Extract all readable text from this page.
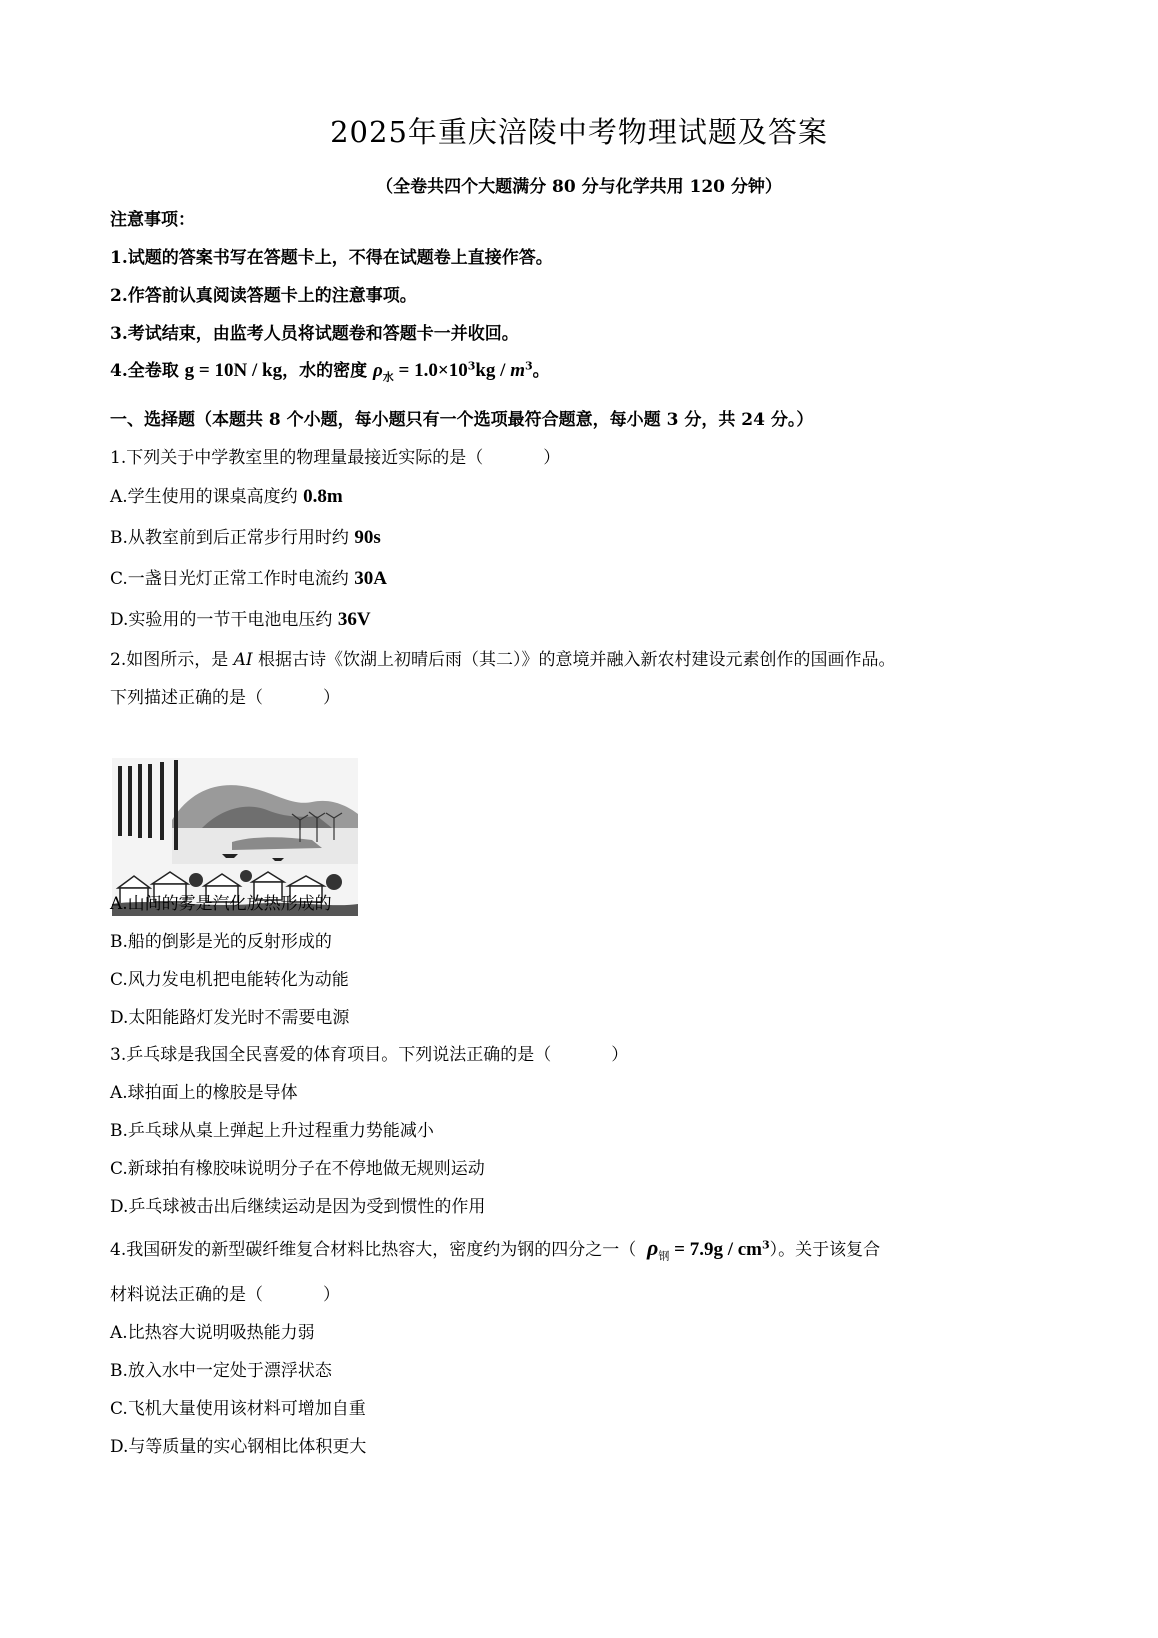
2025年重庆涪陵中考物理试题及答案
（全卷共四个大题满分 80 分与化学共用 120 分钟）
注意事项：
1.试题的答案书写在答题卡上，不得在试题卷上直接作答。
2.作答前认真阅读答题卡上的注意事项。
3.考试结束，由监考人员将试题卷和答题卡一并收回。
4.全卷取 g = 10N / kg，水的密度 $\rho_水 = 1.0\times 10^3kg / m^3$。
一、选择题（本题共 8 个小题，每小题只有一个选项最符合题意，每小题 3 分，共 24 分。）
1.下列关于中学教室里的物理量最接近实际的是（	）
A.学生使用的课桌高度约 0.8m
B.从教室前到后正常步行用时约 90s
C.一盏日光灯正常工作时电流约 30A
D.实验用的一节干电池电压约 36V
2.如图所示，是 AI 根据古诗《饮湖上初晴后雨（其二）》的意境并融入新农村建设元素创作的国画作品。
下列描述正确的是（	）
A.山间的雾是汽化放热形成的
B.船的倒影是光的反射形成的
C.风力发电机把电能转化为动能
D.太阳能路灯发光时不需要电源
3.乒乓球是我国全民喜爱的体育项目。下列说法正确的是（	）
A.球拍面上的橡胶是导体
B.乒乓球从桌上弹起上升过程重力势能减小
C.新球拍有橡胶味说明分子在不停地做无规则运动
D.乒乓球被击出后继续运动是因为受到惯性的作用
4.我国研发的新型碳纤维复合材料比热容大，密度约为钢的四分之一（ $\rho_钢 = 7.9g / cm^3$）。关于该复合
材料说法正确的是（	）
A.比热容大说明吸热能力弱
B.放入水中一定处于漂浮状态
C.飞机大量使用该材料可增加自重
D.与等质量的实心钢相比体积更大
